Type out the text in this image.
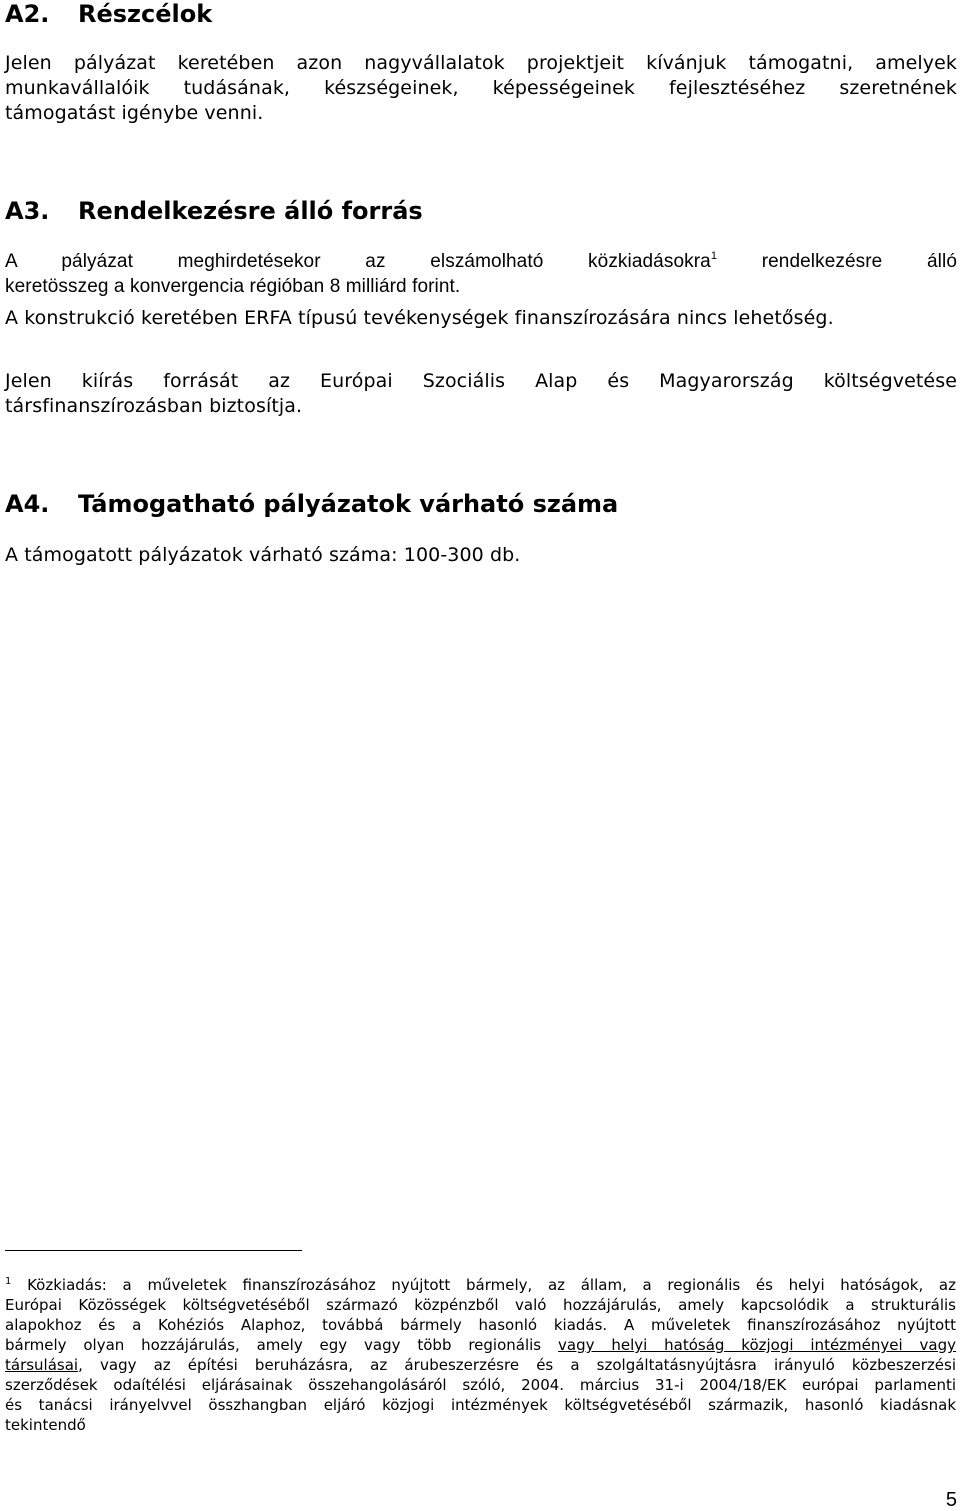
A2. Részcélok

Jelen pályázat keretében azon nagyvállalatok projektjeit kívánjuk támogatni, amelyek
munkavállalóik tudásának, készségeinek, képességeinek fejlesztéséhez szeretnének
támogatást igénybe venni.

A3. Rendelkezésre álló forrás

A pályázat meghirdetésekor az elszámolható közkiadásokra$^1$ rendelkezésre álló
keretösszeg a konvergencia régióban 8 milliárd forint.

A konstrukció keretében ERFA típusú tevékenységek finanszírozására nincs lehetőség.

Jelen kiírás forrását az Európai Szociális Alap és Magyarország költségvetése
társfinanszírozásban biztosítja.

A4. Támogatható pályázatok várható száma

A támogatott pályázatok várható száma: 100-300 db.

$^1$ Közkiadás: a műveletek finanszírozásához nyújtott bármely, az állam, a regionális és helyi hatóságok, az
Európai Közösségek költségvetéséből származó közpénzből való hozzájárulás, amely kapcsolódik a strukturális
alapokhoz és a Kohéziós Alaphoz, továbbá bármely hasonló kiadás. A műveletek finanszírozásához nyújtott
bármely olyan hozzájárulás, amely egy vagy több regionális vagy helyi hatóság közjogi intézményei vagy
társulásai, vagy az építési beruházásra, az árubeszerzésre és a szolgáltatásnyújtásra irányuló közbeszerzési
szerződések odaítélési eljárásainak összehangolásáról szóló, 2004. március 31-i 2004/18/EK európai parlamenti
és tanácsi irányelvvel összhangban eljáró közjogi intézmények költségvetéséből származik, hasonló kiadásnak
tekintendő
5
